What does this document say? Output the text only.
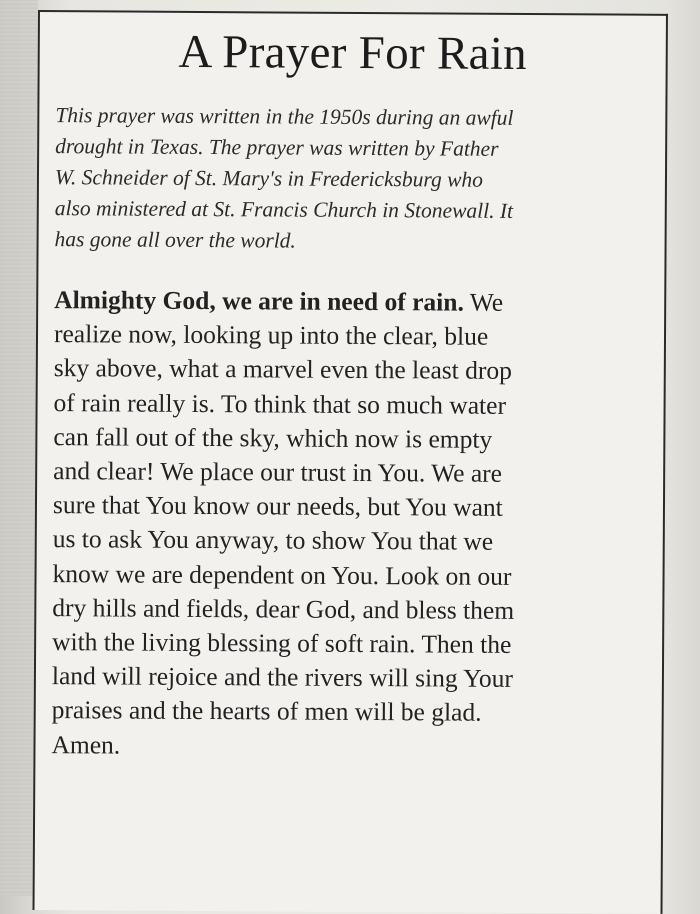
A Prayer For Rain

This prayer was written in the 1950s during an awful
drought in Texas. The prayer was written by Father
W. Schneider of St. Mary's in Fredericksburg who
also ministered at St. Francis Church in Stonewall. It
has gone all over the world.

Almighty God, we are in need of rain. We
realize now, looking up into the clear, blue
sky above, what a marvel even the least drop
of rain really is. To think that so much water
can fall out of the sky, which now is empty
and clear! We place our trust in You. We are
sure that You know our needs, but You want
us to ask You anyway, to show You that we
know we are dependent on You. Look on our
dry hills and fields, dear God, and bless them
with the living blessing of soft rain. Then the
land will rejoice and the rivers will sing Your
praises and the hearts of men will be glad.
Amen.
